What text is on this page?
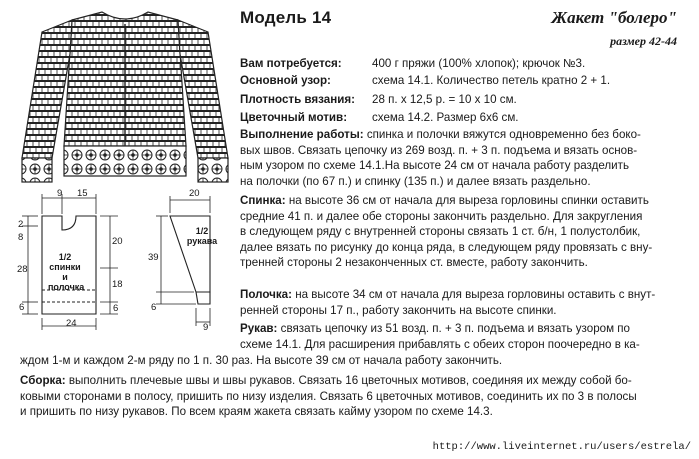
9 15
2
8
28
6
20
18
6
24
1/2
спинки
и
полочка
20
39
6
9
1/2
рукава
Модель 14	Жакет "болеро"
размер 42-44
Вам потребуется:	400 г пряжи (100% хлопок); крючок №3.
Основной узор:	схема 14.1. Количество петель кратно 2 + 1.
Плотность вязания: 28 п. х 12,5 р. = 10 х 10 см.
Цветочный мотив: схема 14.2. Размер 6х6 см.

Выполнение работы: спинка и полочки вяжутся одновременно без боко-

вых швов. Связать цепочку из 269 возд. п. + 3 п. подъема и вязать основ-

ным узором по схеме 14.1.На высоте 24 см от начала работу разделить

на полочки (по 67 п.) и спинку (135 п.) и далее вязать раздельно.

Спинка: на высоте 36 см от начала для выреза горловины спинки оставить

средние 41 п. и далее обе стороны закончить раздельно. Для закругления

в следующем ряду с внутренней стороны связать 1 ст. б/н, 1 полустолбик,

далее вязать по рисунку до конца ряда, в следующем ряду провязать с вну-

тренней стороны 2 незаконченных ст. вместе, работу закончить.

Полочка: на высоте 34 см от начала для выреза горловины оставить с внут-

ренней стороны 17 п., работу закончить на высоте спинки.

Рукав: связать цепочку из 51 возд. п. + 3 п. подъема и вязать узором по

схеме 14.1. Для расширения прибавлять с обеих сторон поочередно в ка-

ждом 1-м и каждом 2-м ряду по 1 п. 30 раз. На высоте 39 см от начала работу закончить.

Сборка: выполнить плечевые швы и швы рукавов. Связать 16 цветочных мотивов, соединяя их между собой бо-

ковыми сторонами в полосу, пришить по низу изделия. Связать 6 цветочных мотивов, соединить их по 3 в полосы

и пришить по низу рукавов. По всем краям жакета связать кайму узором по схеме 14.3.

http://www.liveinternet.ru/users/estrela/
